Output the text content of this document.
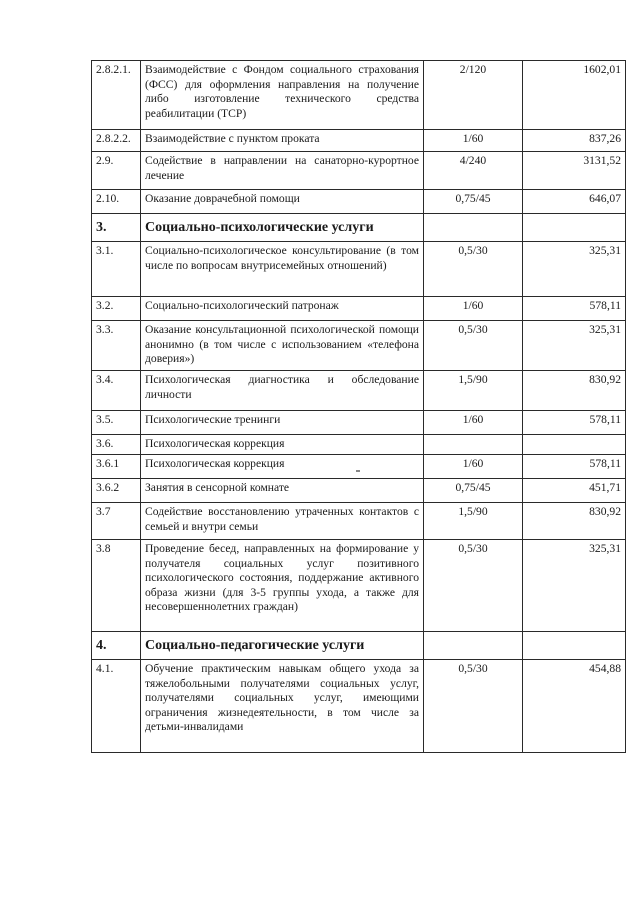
2.8.2.1.	Взаимодействие с Фондом социального страхования (ФСС) для оформления направления на получение либо изготовление технического средства реабилитации (ТСР)	2/120	1602,01
2.8.2.2.	Взаимодействие с пунктом проката	1/60	837,26
2.9.	Содействие в направлении на санаторно-курортное лечение	4/240	3131,52
2.10.	Оказание доврачебной помощи	0,75/45	646,07
3.	Социально-психологические услуги		
3.1.	Социально-психологическое консультирование (в том числе по вопросам внутрисемейных отношений)	0,5/30	325,31
3.2.	Социально-психологический патронаж	1/60	578,11
3.3.	Оказание консультационной психологической помощи анонимно (в том числе с использованием «телефона доверия»)	0,5/30	325,31
3.4.	Психологическая диагностика и обследование личности	1,5/90	830,92
3.5.	Психологические тренинги	1/60	578,11
3.6.	Психологическая коррекция		
3.6.1	Психологическая коррекция	1/60	578,11
3.6.2	Занятия в сенсорной комнате	0,75/45	451,71
3.7	Содействие восстановлению утраченных контактов с семьей и внутри семьи	1,5/90	830,92
3.8	Проведение бесед, направленных на формирование у получателя социальных услуг позитивного психологического состояния, поддержание активного образа жизни (для 3-5 группы ухода, а также для несовершеннолетних граждан)	0,5/30	325,31
4.	Социально-педагогические услуги		
4.1.	Обучение практическим навыкам общего ухода за тяжелобольными получателями социальных услуг, получателями социальных услуг, имеющими ограничения жизнедеятельности, в том числе за детьми-инвалидами	0,5/30	454,88
